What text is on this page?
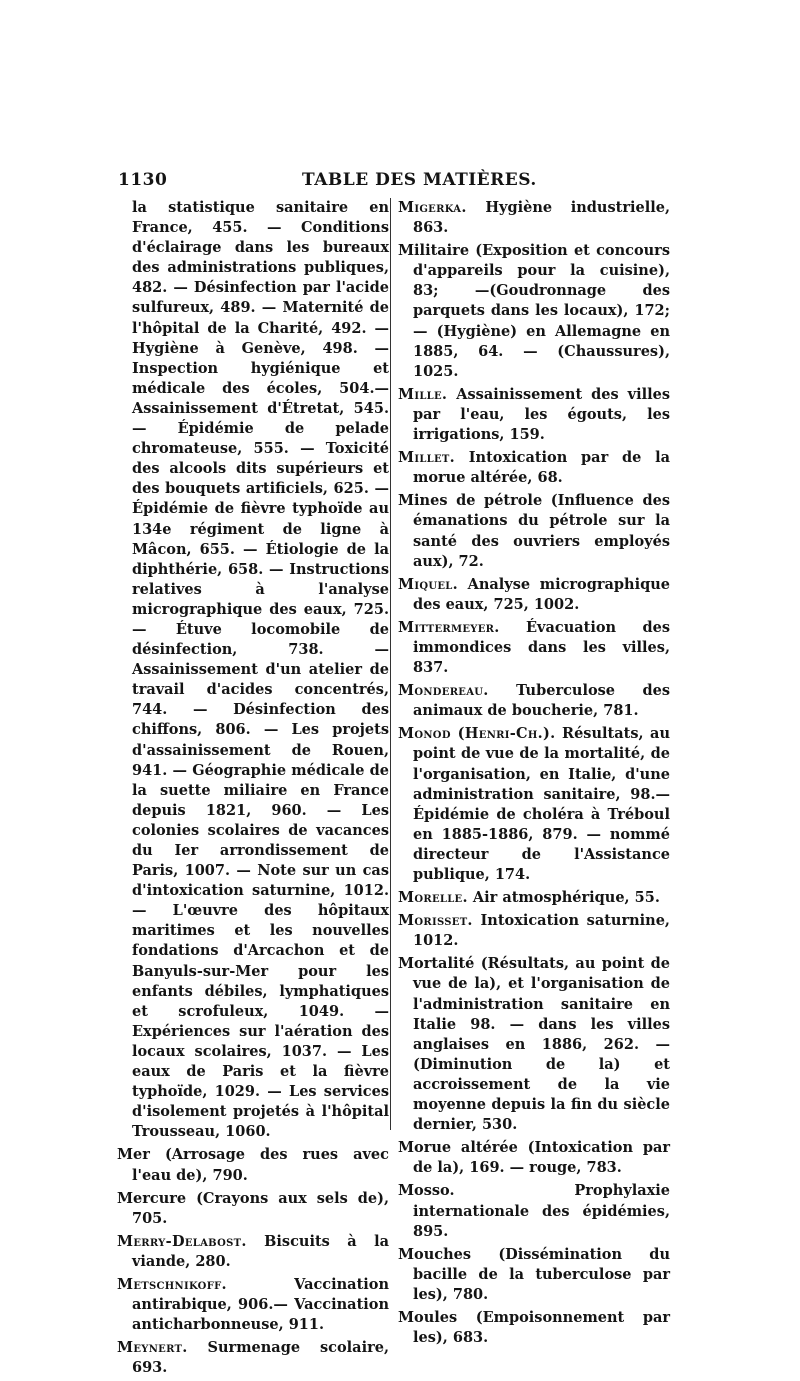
1130	TABLE DES MATIÈRES.

la statistique sanitaire en France, 455. — Conditions d'éclairage dans les bureaux des administrations publiques, 482. — Désinfection par l'acide sulfureux, 489. — Maternité de l'hôpital de la Charité, 492. — Hygiène à Genève, 498. — Inspection hygiénique et médicale des écoles, 504.— Assainissement d'Étretat, 545. — Épidémie de pelade chromateuse, 555. — Toxicité des alcools dits supérieurs et des bouquets artificiels, 625. — Épidémie de fièvre typhoïde au 134e régiment de ligne à Mâcon, 655. — Étiologie de la diphthérie, 658. — Instructions relatives à l'analyse micrographique des eaux, 725.— Étuve locomobile de désinfection, 738. — Assainissement d'un atelier de travail d'acides concentrés, 744. — Désinfection des chiffons, 806. — Les projets d'assainissement de Rouen, 941. — Géographie médicale de la suette miliaire en France depuis 1821, 960. — Les colonies scolaires de vacances du Ier arrondissement de Paris, 1007. — Note sur un cas d'intoxication saturnine, 1012. — L'œuvre des hôpitaux maritimes et les nouvelles fondations d'Arcachon et de Banyuls-sur-Mer pour les enfants débiles, lymphatiques et scrofuleux, 1049. — Expériences sur l'aération des locaux scolaires, 1037. — Les eaux de Paris et la fièvre typhoïde, 1029. — Les services d'isolement projetés à l'hôpital Trousseau, 1060.

Mer (Arrosage des rues avec l'eau de), 790.

Mercure (Crayons aux sels de), 705.

Merry-Delabost. Biscuits à la viande, 280.

Metschnikoff. Vaccination antirabique, 906.— Vaccination anticharbonneuse, 911.

Meynert. Surmenage scolaire, 693.

Migerka. Hygiène industrielle, 863.

Militaire (Exposition et concours d'appareils pour la cuisine), 83; —(Goudronnage des parquets dans les locaux), 172; — (Hygiène) en Allemagne en 1885, 64. — (Chaussures), 1025.

Mille. Assainissement des villes par l'eau, les égouts, les irrigations, 159.

Millet. Intoxication par de la morue altérée, 68.

Mines de pétrole (Influence des émanations du pétrole sur la santé des ouvriers employés aux), 72.

Miquel. Analyse micrographique des eaux, 725, 1002.

Mittermeyer. Évacuation des immondices dans les villes, 837.

Mondereau. Tuberculose des animaux de boucherie, 781.

Monod (Henri-Ch.). Résultats, au point de vue de la mortalité, de l'organisation, en Italie, d'une administration sanitaire, 98.— Épidémie de choléra à Tréboul en 1885-1886, 879. — nommé directeur de l'Assistance publique, 174.

Morelle. Air atmosphérique, 55.

Morisset. Intoxication saturnine, 1012.

Mortalité (Résultats, au point de vue de la), et l'organisation de l'administration sanitaire en Italie 98. — dans les villes anglaises en 1886, 262. — (Diminution de la) et accroissement de la vie moyenne depuis la fin du siècle dernier, 530.

Morue altérée (Intoxication par de la), 169. — rouge, 783.

Mosso. Prophylaxie internationale des épidémies, 895.

Mouches (Dissémination du bacille de la tuberculose par les), 780.

Moules (Empoisonnement par les), 683.
